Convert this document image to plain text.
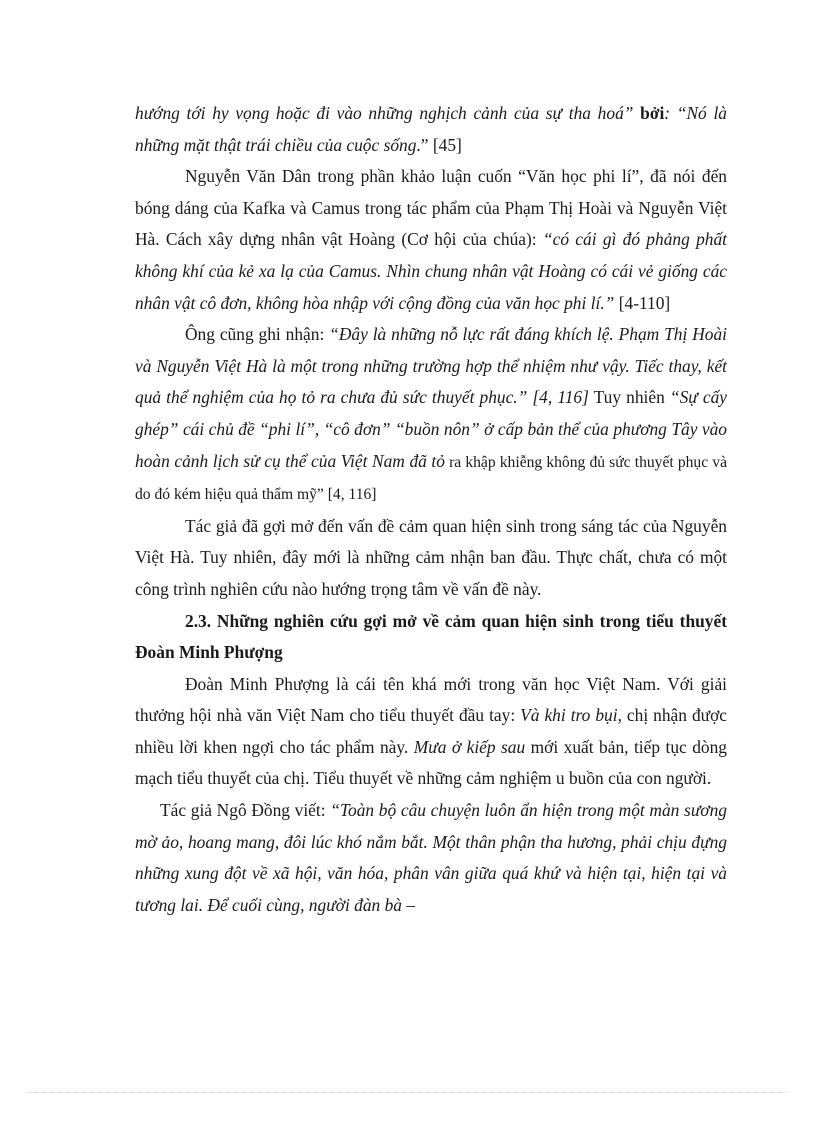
hướng tới hy vọng hoặc đi vào những nghịch cảnh của sự tha hoá” bởi: “Nó là những mặt thật trái chiều của cuộc sống.” [45]

Nguyễn Văn Dân trong phần khảo luận cuốn “Văn học phi lí”, đã nói đến bóng dáng của Kafka và Camus trong tác phẩm của Phạm Thị Hoài và Nguyễn Việt Hà. Cách xây dựng nhân vật Hoàng (Cơ hội của chúa): “có cái gì đó phảng phất không khí của kẻ xa lạ của Camus. Nhìn chung nhân vật Hoàng có cái vẻ giống các nhân vật cô đơn, không hòa nhập với cộng đồng của văn học phi lí.” [4-110]

Ông cũng ghi nhận: “Đây là những nỗ lực rất đáng khích lệ. Phạm Thị Hoài và Nguyễn Việt Hà là một trong những trường hợp thể nhiệm như vậy. Tiếc thay, kết quả thể nghiệm của họ tỏ ra chưa đủ sức thuyết phục.” [4, 116] Tuy nhiên “Sự cấy ghép” cái chủ đề “phi lí”, “cô đơn” “buồn nôn” ở cấp bản thể của phương Tây vào hoàn cảnh lịch sử cụ thể của Việt Nam đã tỏ ra khập khiễng không đủ sức thuyết phục và do đó kém hiệu quả thẩm mỹ” [4, 116]

Tác giả đã gợi mở đến vấn đề cảm quan hiện sinh trong sáng tác của Nguyễn Việt Hà. Tuy nhiên, đây mới là những cảm nhận ban đầu. Thực chất, chưa có một công trình nghiên cứu nào hướng trọng tâm về vấn đề này.

2.3. Những nghiên cứu gợi mở về cảm quan hiện sinh trong tiểu thuyết Đoàn Minh Phượng

Đoàn Minh Phượng là cái tên khá mới trong văn học Việt Nam. Với giải thưởng hội nhà văn Việt Nam cho tiểu thuyết đầu tay: Và khi tro bụi, chị nhận được nhiều lời khen ngợi cho tác phẩm này. Mưa ở kiếp sau mới xuất bản, tiếp tục dòng mạch tiểu thuyết của chị. Tiểu thuyết về những cảm nghiệm u buồn của con người.

Tác giả Ngô Đồng viết: “Toàn bộ câu chuyện luôn ẩn hiện trong một màn sương mờ ảo, hoang mang, đôi lúc khó nắm bắt. Một thân phận tha hương, phải chịu đựng những xung đột về xã hội, văn hóa, phân vân giữa quá khứ và hiện tại, hiện tại và tương lai. Để cuối cùng, người đàn bà –
